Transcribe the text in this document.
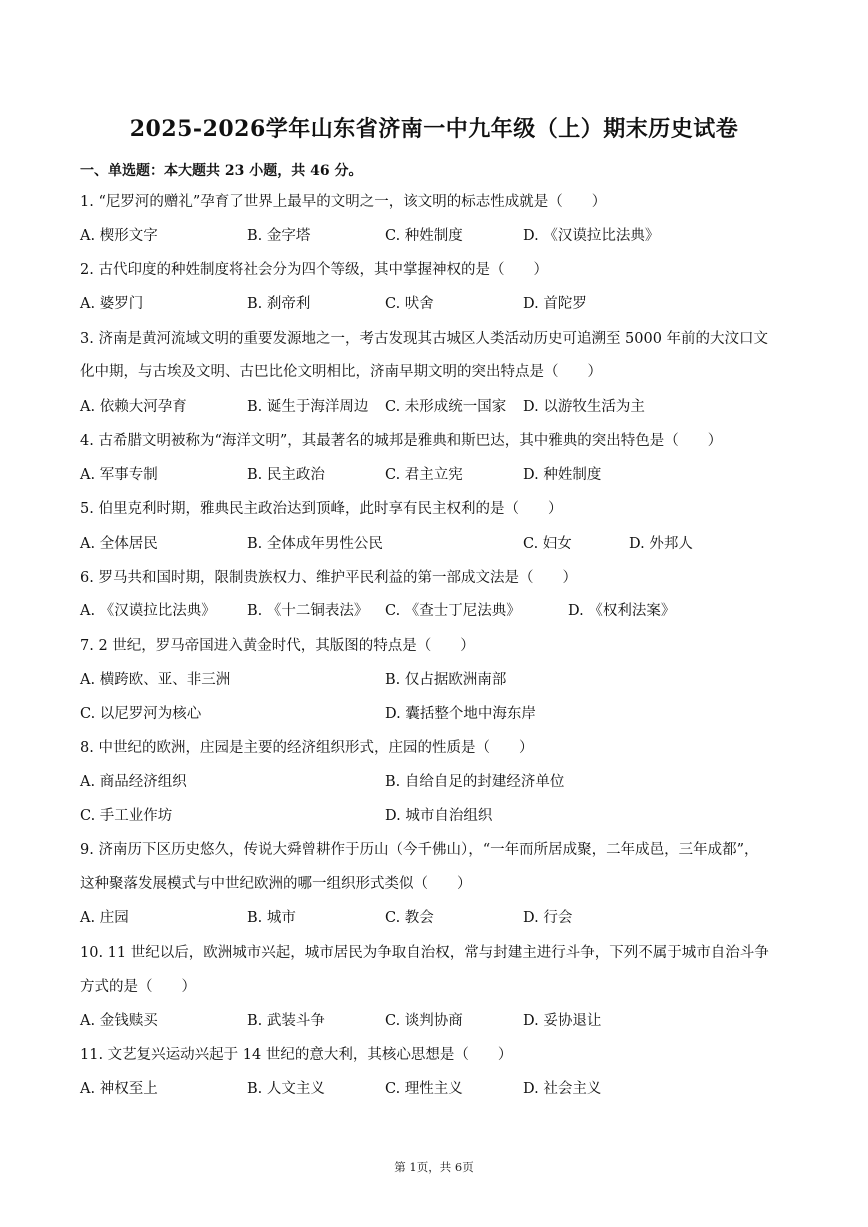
2025-2026学年山东省济南一中九年级（上）期末历史试卷
一、单选题：本大题共 23 小题，共 46 分。
1. “尼罗河的赠礼”孕育了世界上最早的文明之一，该文明的标志性成就是（　　）
A. 楔形文字	B. 金字塔	C. 种姓制度	D. 《汉谟拉比法典》
2. 古代印度的种姓制度将社会分为四个等级，其中掌握神权的是（　　）
A. 婆罗门	B. 刹帝利	C. 吠舍	D. 首陀罗
3. 济南是黄河流域文明的重要发源地之一，考古发现其古城区人类活动历史可追溯至 5000 年前的大汶口文
化中期，与古埃及文明、古巴比伦文明相比，济南早期文明的突出特点是（　　）
A. 依赖大河孕育	B. 诞生于海洋周边 C. 未形成统一国家 D. 以游牧生活为主
4. 古希腊文明被称为“海洋文明”，其最著名的城邦是雅典和斯巴达，其中雅典的突出特色是（　　）
A. 军事专制	B. 民主政治	C. 君主立宪	D. 种姓制度
5. 伯里克利时期，雅典民主政治达到顶峰，此时享有民主权利的是（　　）
A. 全体居民	B. 全体成年男性公民	C. 妇女	D. 外邦人
6. 罗马共和国时期，限制贵族权力、维护平民利益的第一部成文法是（　　）
A. 《汉谟拉比法典》 B. 《十二铜表法》 C. 《查士丁尼法典》	D. 《权利法案》
7. 2 世纪，罗马帝国进入黄金时代，其版图的特点是（　　）
A. 横跨欧、亚、非三洲	B. 仅占据欧洲南部
C. 以尼罗河为核心	D. 囊括整个地中海东岸
8. 中世纪的欧洲，庄园是主要的经济组织形式，庄园的性质是（　　）
A. 商品经济组织	B. 自给自足的封建经济单位
C. 手工业作坊	D. 城市自治组织
9. 济南历下区历史悠久，传说大舜曾耕作于历山（今千佛山），“一年而所居成聚，二年成邑，三年成都”，
这种聚落发展模式与中世纪欧洲的哪一组织形式类似（　　）
A. 庄园	B. 城市	C. 教会	D. 行会
10. 11 世纪以后，欧洲城市兴起，城市居民为争取自治权，常与封建主进行斗争，下列不属于城市自治斗争
方式的是（　　）
A. 金钱赎买	B. 武装斗争	C. 谈判协商	D. 妥协退让
11. 文艺复兴运动兴起于 14 世纪的意大利，其核心思想是（　　）
A. 神权至上	B. 人文主义	C. 理性主义	D. 社会主义
第 1页，共 6页
